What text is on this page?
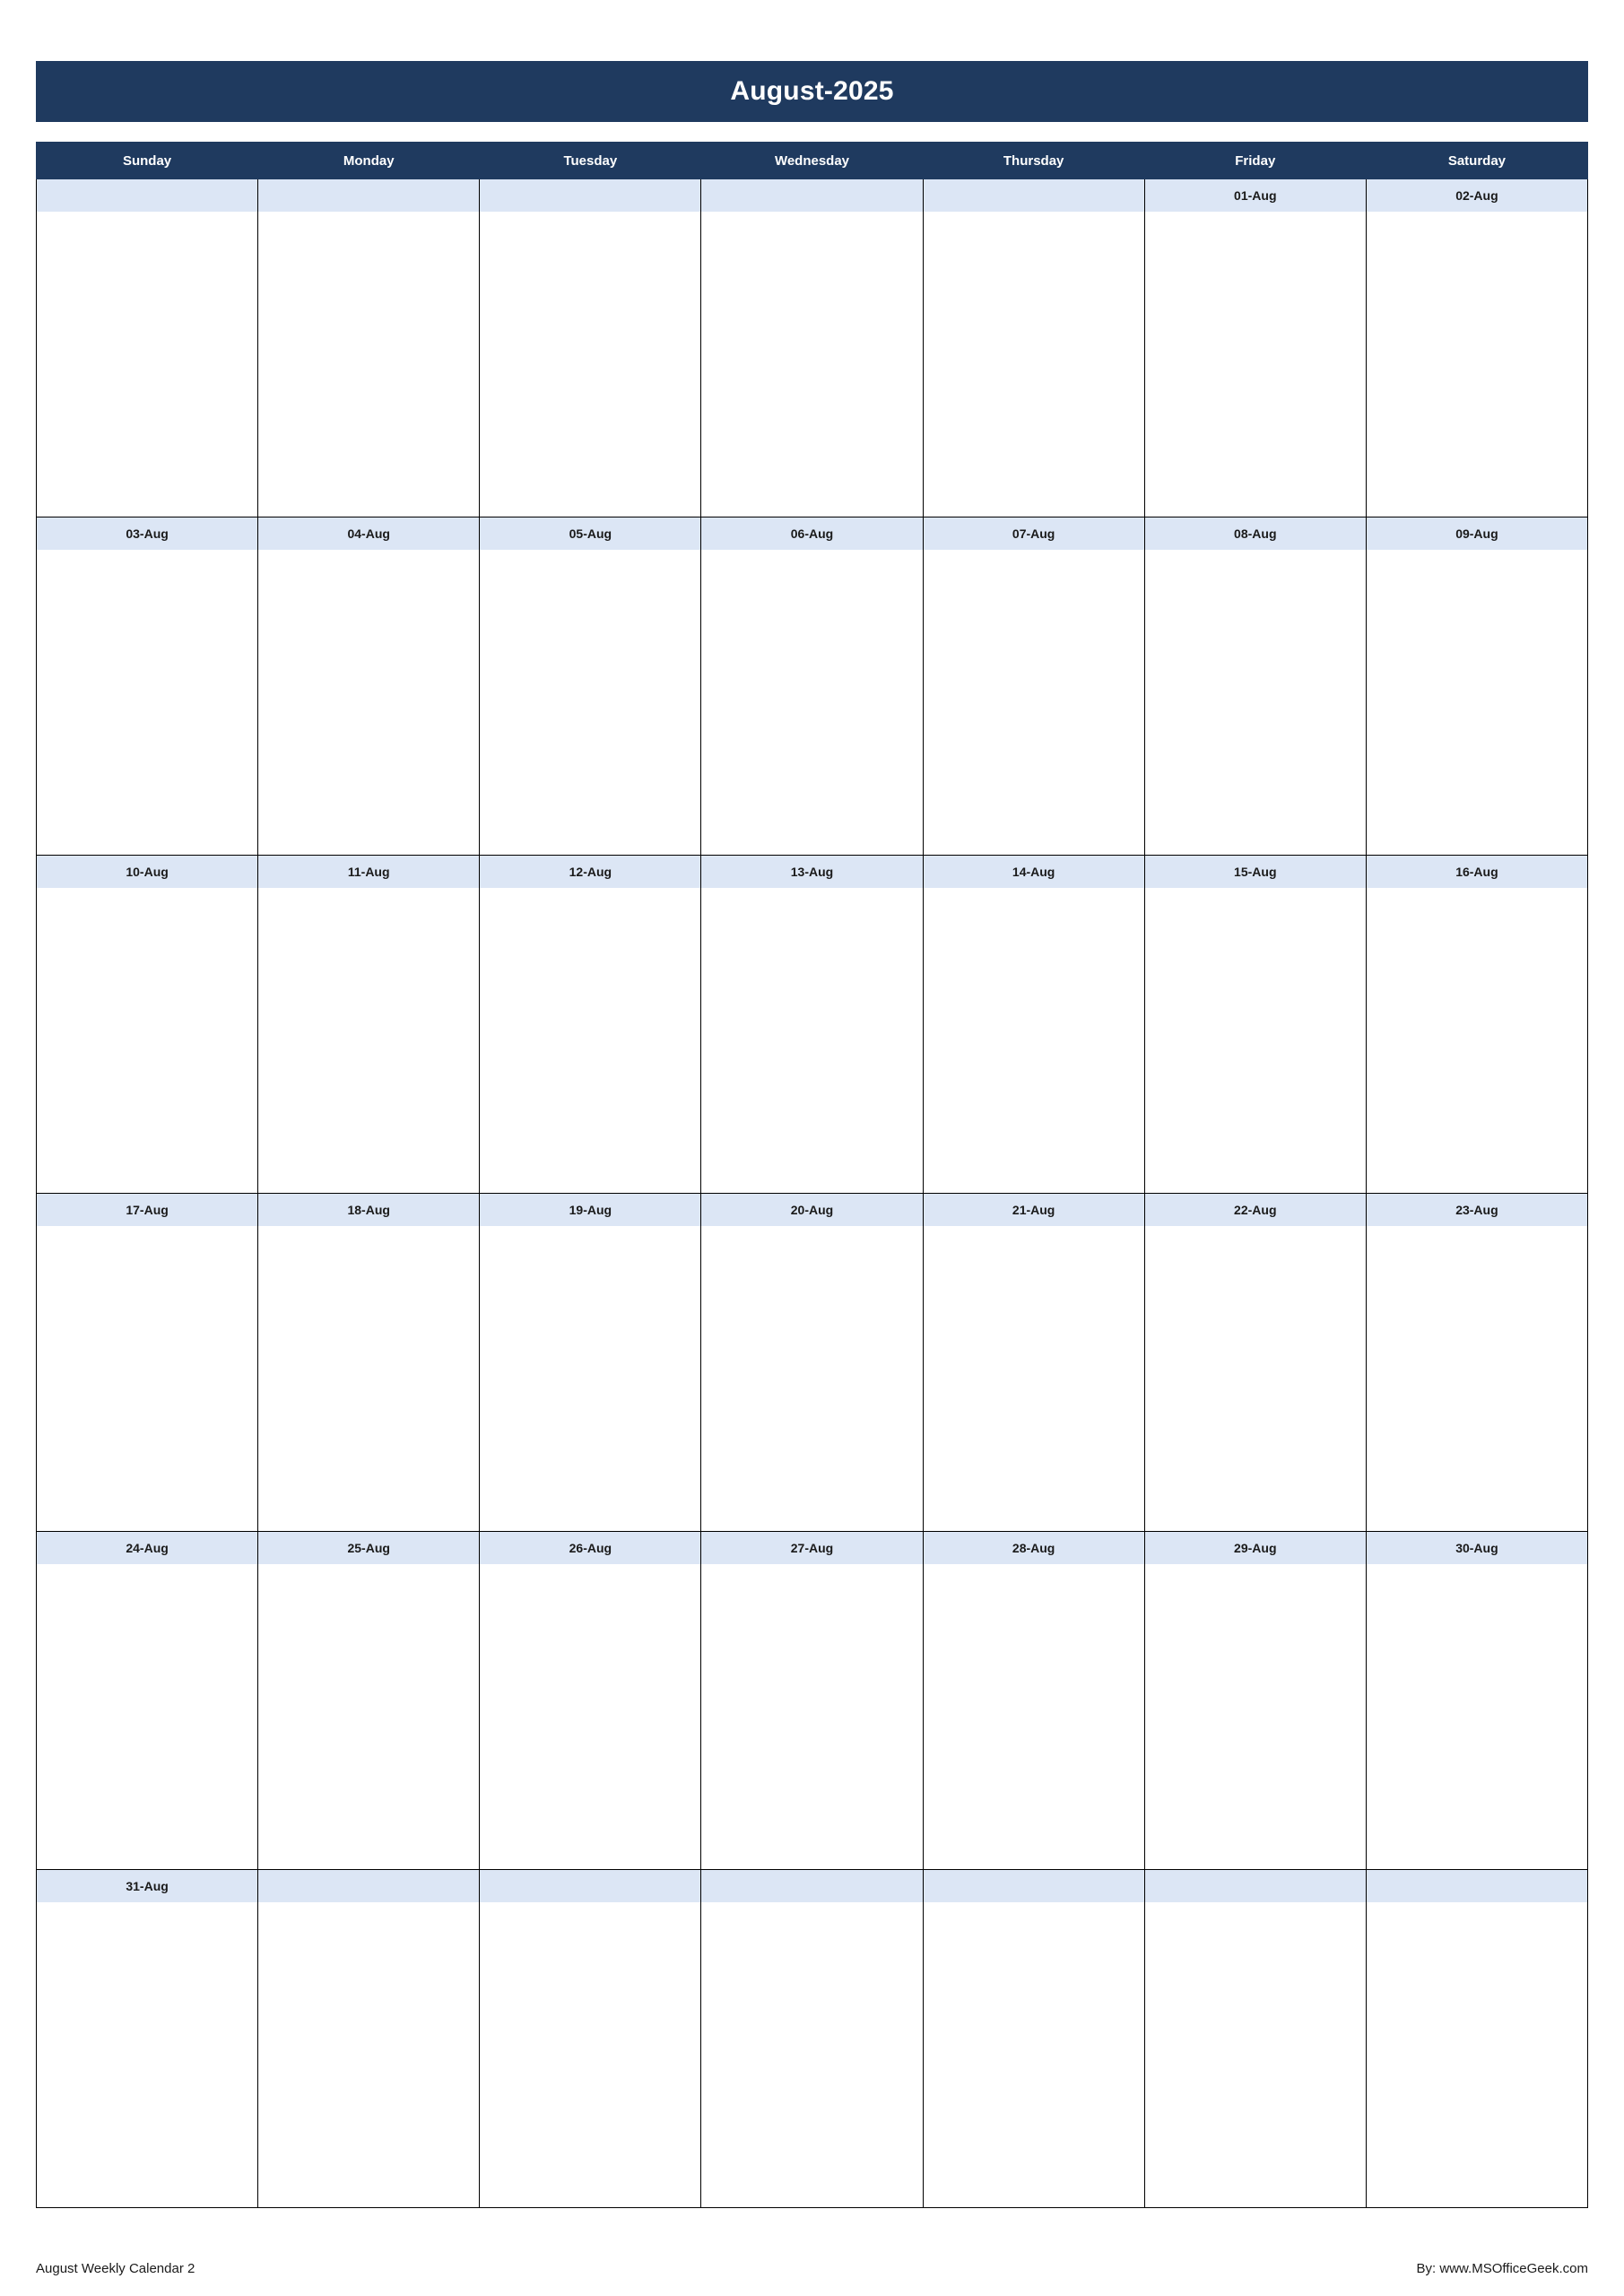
August-2025
Sunday	Monday	Tuesday	Wednesday	Thursday	Friday	Saturday
					01-Aug	02-Aug

03-Aug	04-Aug	05-Aug	06-Aug	07-Aug	08-Aug	09-Aug

10-Aug	11-Aug	12-Aug	13-Aug	14-Aug	15-Aug	16-Aug

17-Aug	18-Aug	19-Aug	20-Aug	21-Aug	22-Aug	23-Aug

24-Aug	25-Aug	26-Aug	27-Aug	28-Aug	29-Aug	30-Aug

31-Aug						

August Weekly Calendar 2	By: www.MSOfficeGeek.com
